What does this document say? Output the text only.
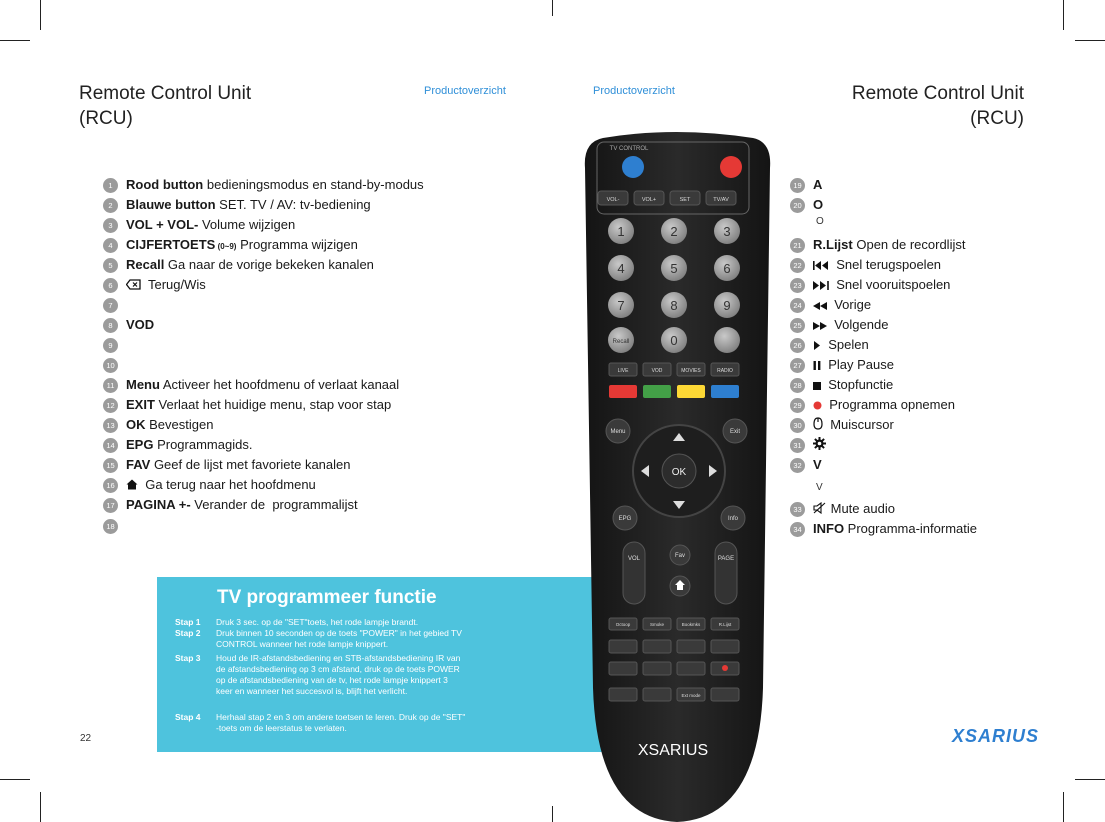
Remote Control Unit
(RCU)
Remote Control Unit
(RCU)
Productoverzicht	Productoverzicht
1	Rood button bedieningsmodus en stand-by-modus
2	Blauwe button SET. TV / AV: tv-bediening
3	VOL + VOL- Volume wijzigen
4	CIJFERTOETS (0~9) Programma wijzigen
5	Recall Ga naar de vorige bekeken kanalen
6	Terug/Wis
7
8	VOD
9
10
11 Menu Activeer het hoofdmenu of verlaat kanaal
12 EXIT Verlaat het huidige menu, stap voor stap
13 OK Bevestigen
14 EPG Programmagids.
15 FAV Geef de lijst met favoriete kanalen
16	Ga terug naar het hoofdmenu
17 PAGINA +- Verander de  programmalijst
18
19 A
20 O
21 R.Lijst Open de recordlijst
22	Snel terugspoelen
23	Snel vooruitspoelen
24	Vorige
25	Volgende
26	Spelen
27	Play Pause
28	Stopfunctie
29	Programma opnemen
30	Muiscursor
31
32 V
33	Mute audio
34 INFO Programma-informatie
O
V
TV programmeer functie
Stap 1	Druk 3 sec. op de "SET"toets, het rode lampje brandt.
Stap 2	Druk binnen 10 seconden op de toets "POWER" in het gebied TV CONTROL wanneer het rode lampje knippert.
Stap 3	Houd de IR-afstandsbediening en STB-afstandsbediening IR van de afstandsbediening op 3 cm afstand, druk op de toets POWER op de afstandsbediening van de tv, het rode lampje knippert 3 keer en wanneer het succesvol is, blijft het verlicht.
Stap 4	Herhaal stap 2 en 3 om andere toetsen te leren. Druk op de "SET" -toets om de leerstatus te verlaten.
TV CONTROL
VOL-	VOL+	SET	TV/AV
1	2	3
4	5	6
7	8	9
Recall	0
LIVE	VOD	MOVIES	RADIO
Menu	Exit
OK
EPG	Info
VOL	PAGE
Fav
Octoop	Smoke	Bookmks	R.Lijst
Ext mode
XSARIUS
22	XSARIUS
